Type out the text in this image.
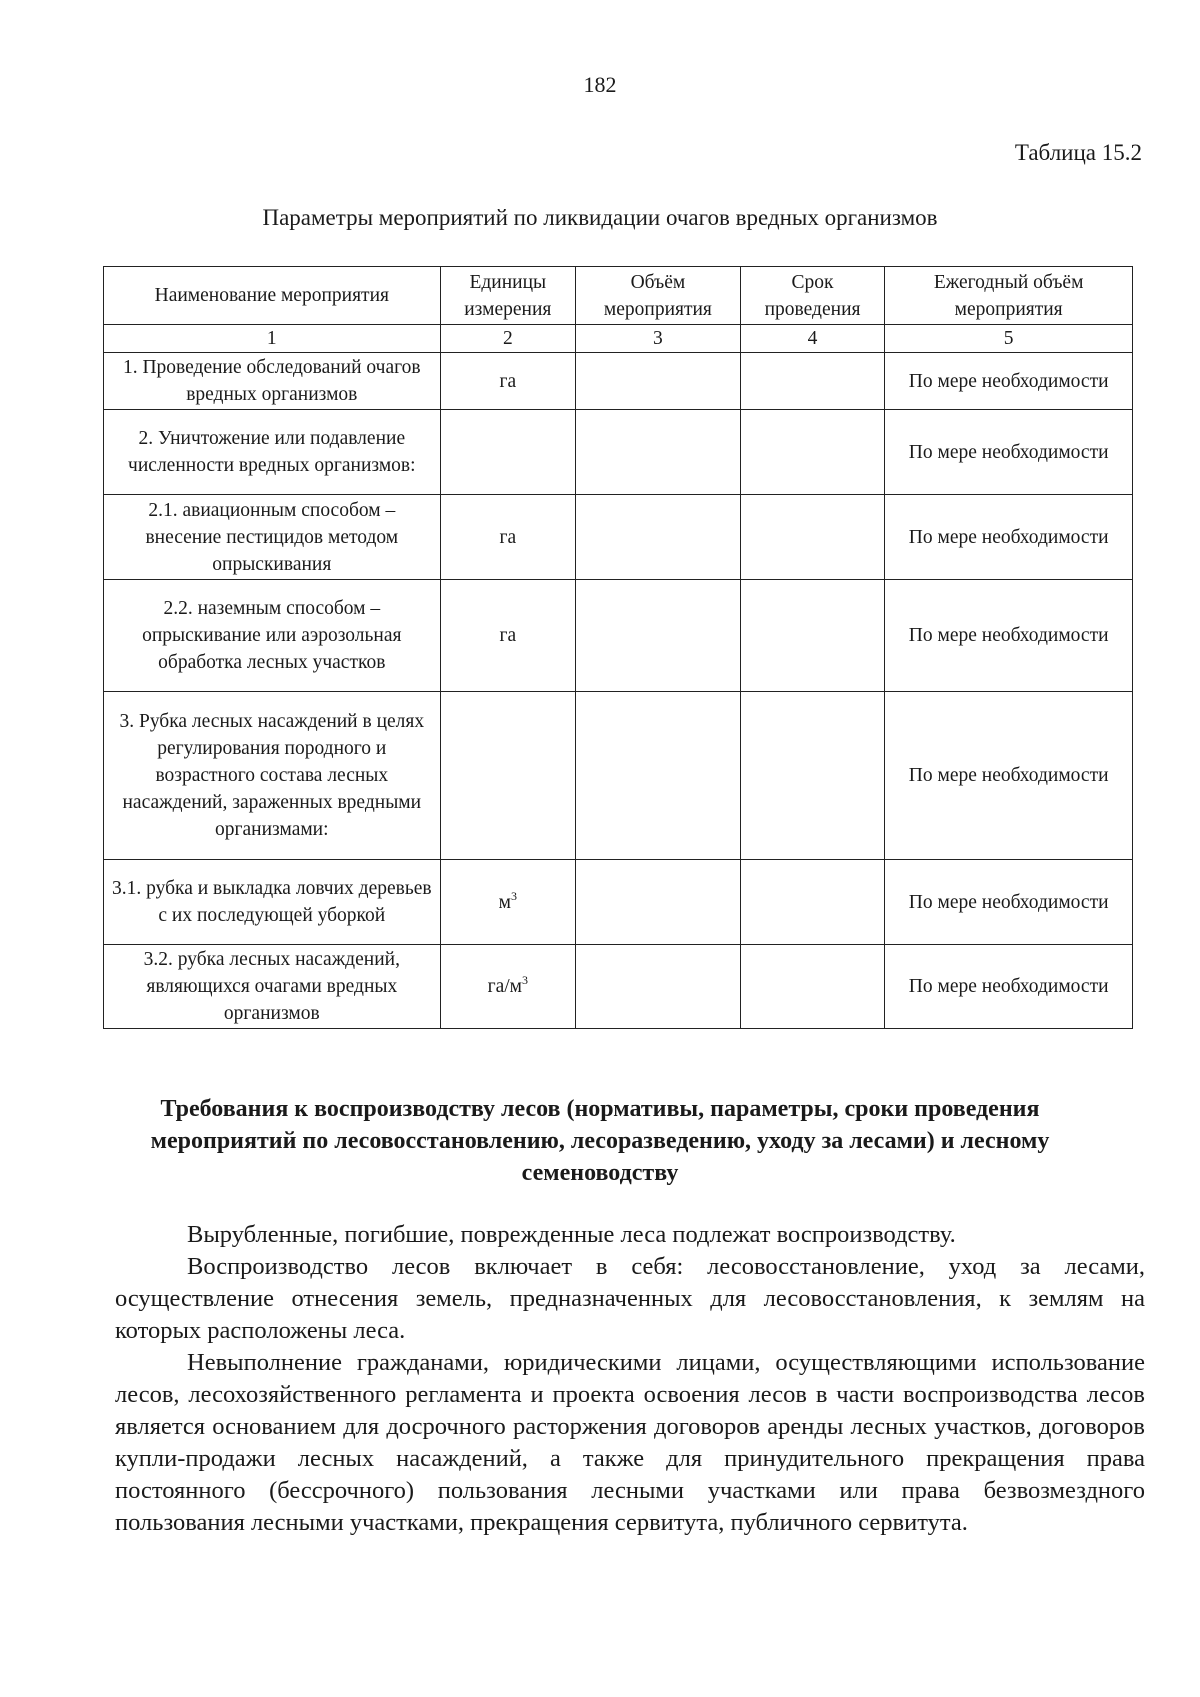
182
Таблица 15.2
Параметры мероприятий по ликвидации очагов вредных организмов
Наименование мероприятия	Единицы измерения	Объём мероприятия	Срок проведения	Ежегодный объём мероприятия
1	2	3	4	5
1. Проведение обследований очагов вредных организмов	га			По мере необходимости
2. Уничтожение или подавление численности вредных организмов:				По мере необходимости
2.1. авиационным способом – внесение пестицидов методом опрыскивания	га			По мере необходимости
2.2. наземным способом – опрыскивание или аэрозольная обработка лесных участков	га			По мере необходимости
3. Рубка лесных насаждений в целях регулирования породного и возрастного состава лесных насаждений, зараженных вредными организмами:				По мере необходимости
3.1. рубка и выкладка ловчих деревьев с их последующей уборкой	$м^3$			По мере необходимости
3.2. рубка лесных насаждений, являющихся очагами вредных организмов	$га/м^3$			По мере необходимости
Требования к воспроизводству лесов (нормативы, параметры, сроки проведения мероприятий по лесовосстановлению, лесоразведению, уходу за лесами) и лесному семеноводству

Вырубленные, погибшие, поврежденные леса подлежат воспроизводству.

Воспроизводство лесов включает в себя: лесовосстановление, уход за лесами, осуществление отнесения земель, предназначенных для лесовосстановления, к землям на которых расположены леса.

Невыполнение гражданами, юридическими лицами, осуществляющими использование лесов, лесохозяйственного регламента и проекта освоения лесов в части воспроизводства лесов является основанием для досрочного расторжения договоров аренды лесных участков, договоров купли-продажи лесных насаждений, а также для принудительного прекращения права постоянного (бессрочного) пользования лесными участками или права безвозмездного пользования лесными участками, прекращения сервитута, публичного сервитута.
